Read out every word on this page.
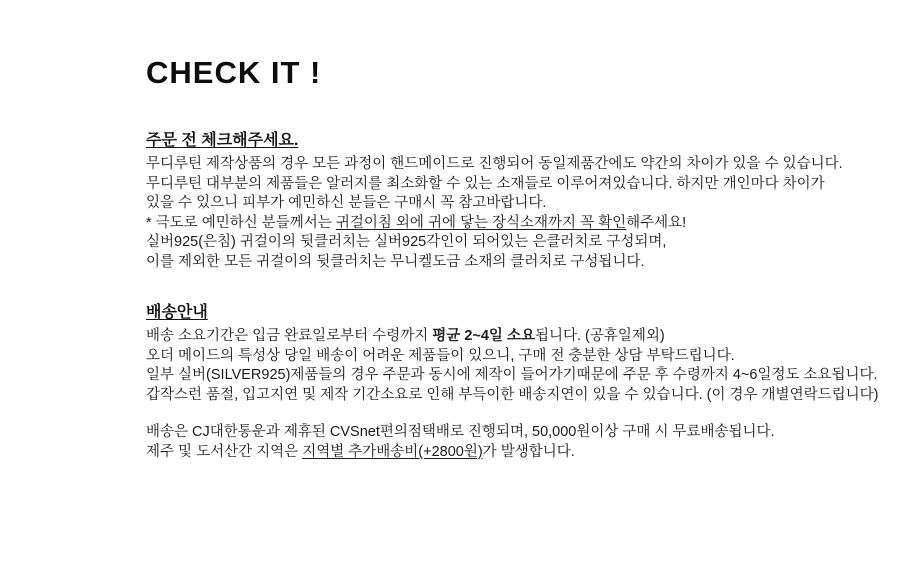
CHECK IT !
주문 전 체크해주세요.
무디루틴 제작상품의 경우 모든 과정이 핸드메이드로 진행되어 동일제품간에도 약간의 차이가 있을 수 있습니다.
무디루틴 대부분의 제품들은 알러지를 최소화할 수 있는 소재들로 이루어져있습니다. 하지만 개인마다 차이가
있을 수 있으니 피부가 예민하신 분들은 구매시 꼭 참고바랍니다.
* 극도로 예민하신 분들께서는 귀걸이침 외에 귀에 닿는 장식소재까지 꼭 확인해주세요!
실버925(은침) 귀걸이의 뒷클러치는 실버925각인이 되어있는 은클러치로 구성되며,
이를 제외한 모든 귀걸이의 뒷클러치는 무니켈도금 소재의 클러치로 구성됩니다.
배송안내
배송 소요기간은 입금 완료일로부터 수령까지 평균 2~4일 소요됩니다. (공휴일제외)
오더 메이드의 특성상 당일 배송이 어려운 제품들이 있으니, 구매 전 충분한 상담 부탁드립니다.
일부 실버(SILVER925)제품들의 경우 주문과 동시에 제작이 들어가기때문에 주문 후 수령까지 4~6일정도 소요됩니다.
갑작스런 품절, 입고지연 및 제작 기간소요로 인해 부득이한 배송지연이 있을 수 있습니다. (이 경우 개별연락드립니다)
배송은 CJ대한통운과 제휴된 CVSnet편의점택배로 진행되며, 50,000원이상 구매 시 무료배송됩니다.
제주 및 도서산간 지역은 지역별 추가배송비(+2800원)가 발생합니다.
